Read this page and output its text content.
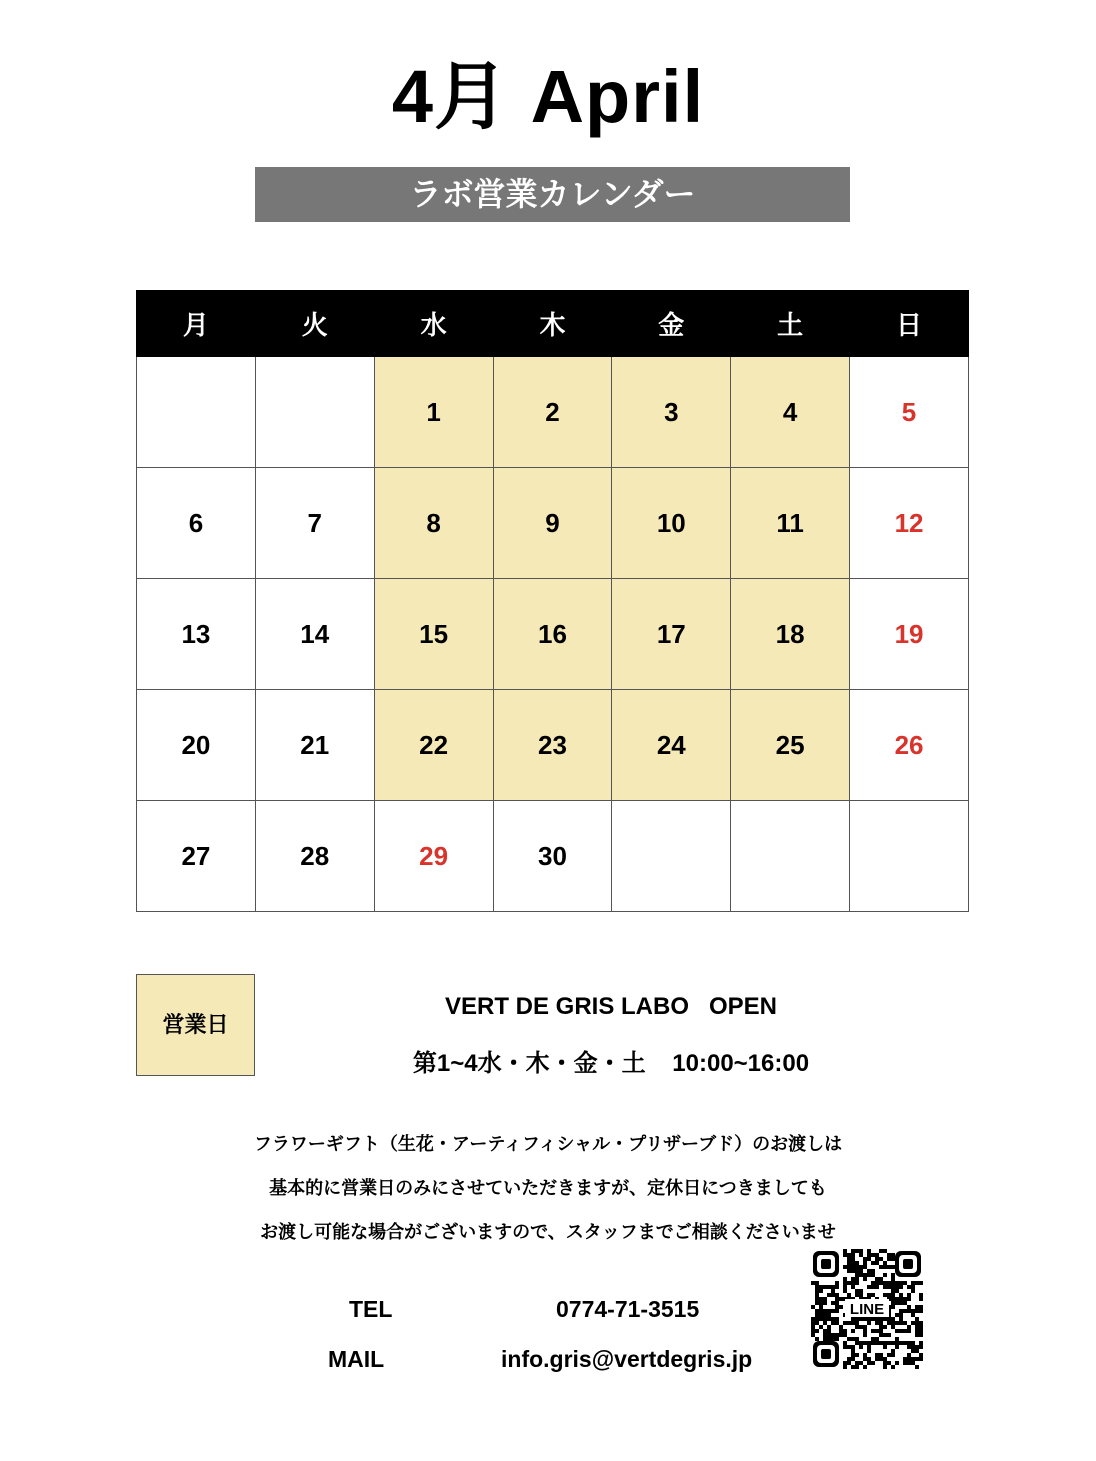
4月 April
ラボ営業カレンダー
月	火	水	木	金	土	日
		1	2	3	4	5
6	7	8	9	10	11	12
13	14	15	16	17	18	19
20	21	22	23	24	25	26
27	28	29	30			
営業日
VERT DE GRIS LABO   OPEN
第1~4水・木・金・土    10:00~16:00
フラワーギフト（生花・アーティフィシャル・プリザーブド）のお渡しは
基本的に営業日のみにさせていただきますが、定休日につきましても
お渡し可能な場合がございますので、スタッフまでご相談くださいませ
TEL	0774-71-3515
MAIL	info.gris@vertdegris.jp
LINE
